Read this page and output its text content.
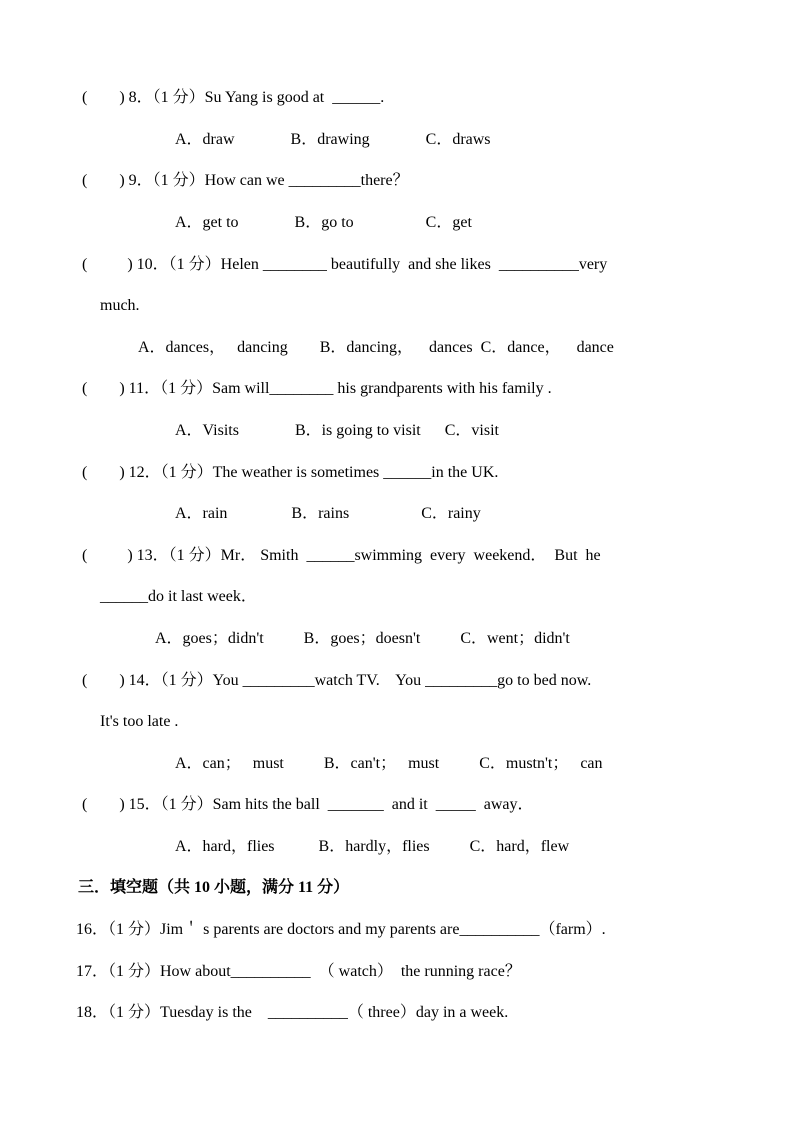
(        ) 8．（1 分）Su Yang is good at  ______.
A．draw              B．drawing              C．draws
(        ) 9．（1 分）How can we _________there？
A．get to              B．go to                  C．get
(          ) 10．（1 分）Helen ________ beautifully  and she likes  __________very
much.
A．dances，   dancing        B．dancing，    dances  C．dance，    dance
(        ) 11．（1 分）Sam will________ his grandparents with his family .
A．Visits              B．is going to visit      C．visit
(        ) 12．（1 分）The weather is sometimes ______in the UK.
A．rain                B．rains                  C．rainy
(          ) 13．（1 分）Mr． Smith  ______swimming  every  weekend．  But  he
______do it last week．
A．goes；didn't          B．goes；doesn't          C．went；didn't
(        ) 14．（1 分）You _________watch TV.    You _________go to bed now.
It's too late .
A．can；   must          B．can't；   must          C．mustn't；   can
(        ) 15．（1 分）Sam hits the ball  _______  and it  _____  away．
A．hard，flies           B．hardly，flies          C．hard，flew
三．填空题（共 10 小题，满分 11 分）
16．（1 分）Jim＇ s parents are doctors and my parents are__________（farm）.
17．（1 分）How about__________  （ watch）  the running race？
18．（1 分）Tuesday is the    __________（ three）day in a week.
